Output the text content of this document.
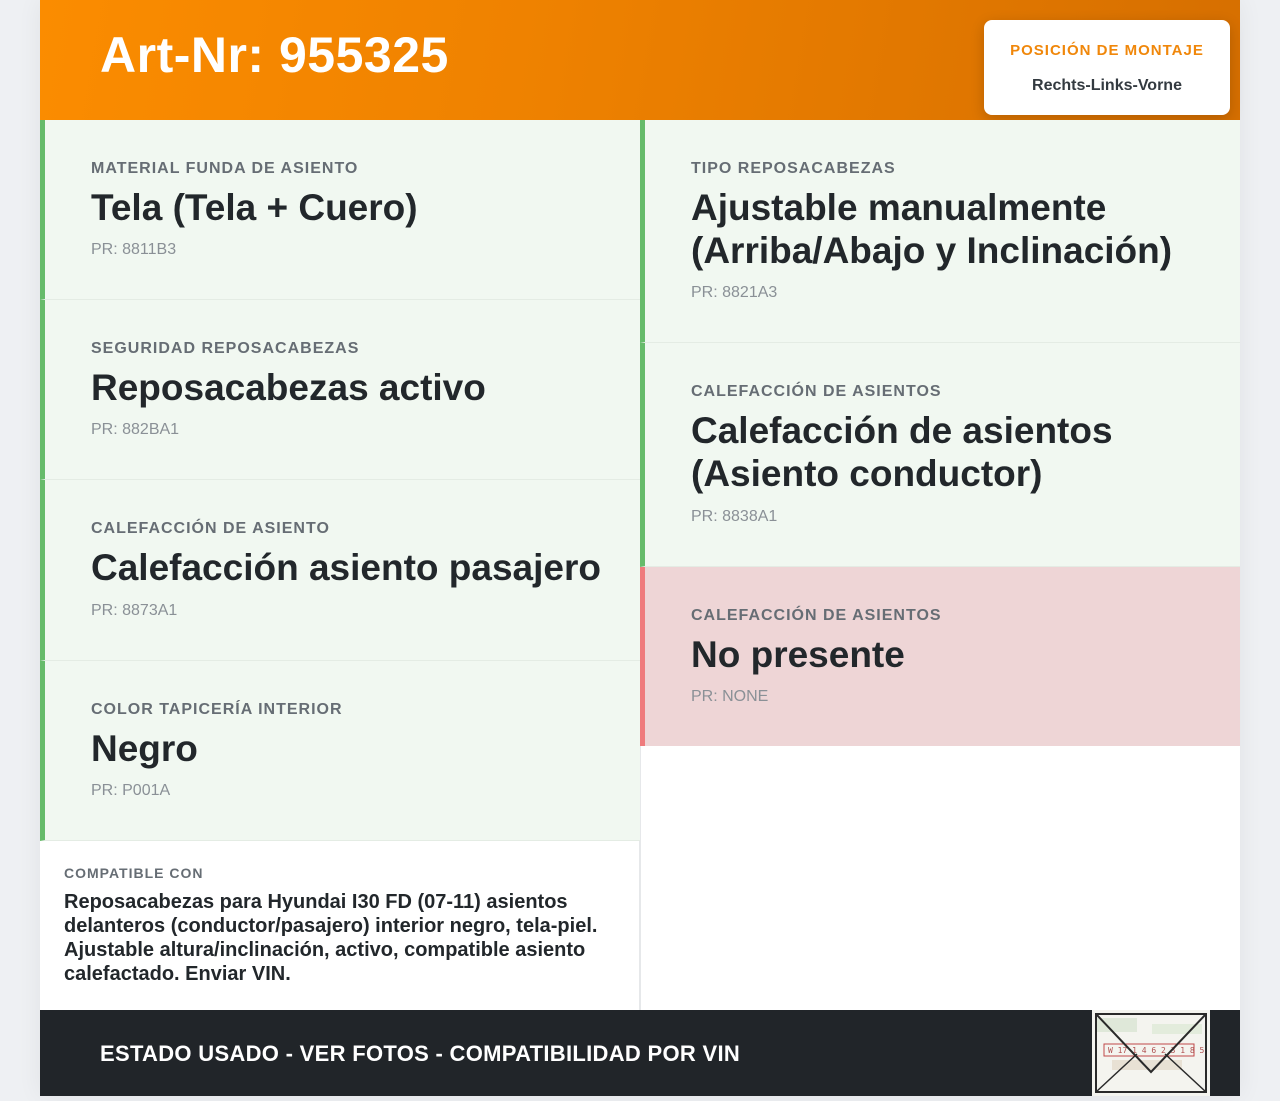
Art-Nr: 955325	POSICIÓN DE MONTAJE
Rechts-Links-Vorne
MATERIAL FUNDA DE ASIENTO
Tela (Tela + Cuero)
PR: 8811B3
SEGURIDAD REPOSACABEZAS
Reposacabezas activo
PR: 882BA1
CALEFACCIÓN DE ASIENTO
Calefacción asiento pasajero
PR: 8873A1
COLOR TAPICERÍA INTERIOR
Negro
PR: P001A
TIPO REPOSACABEZAS
Ajustable manualmente (Arriba/Abajo y Inclinación)
PR: 8821A3
CALEFACCIÓN DE ASIENTOS
Calefacción de asientos (Asiento conductor)
PR: 8838A1
CALEFACCIÓN DE ASIENTOS
No presente
PR: NONE
COMPATIBLE CON
Reposacabezas para Hyundai I30 FD (07-11) asientos delanteros (conductor/pasajero) interior negro, tela-piel. Ajustable altura/inclinación, activo, compatible asiento calefactado. Enviar VIN.
ESTADO USADO - VER FOTOS - COMPATIBILIDAD POR VIN	W 17 1 4 6 2 3 1 8 5
